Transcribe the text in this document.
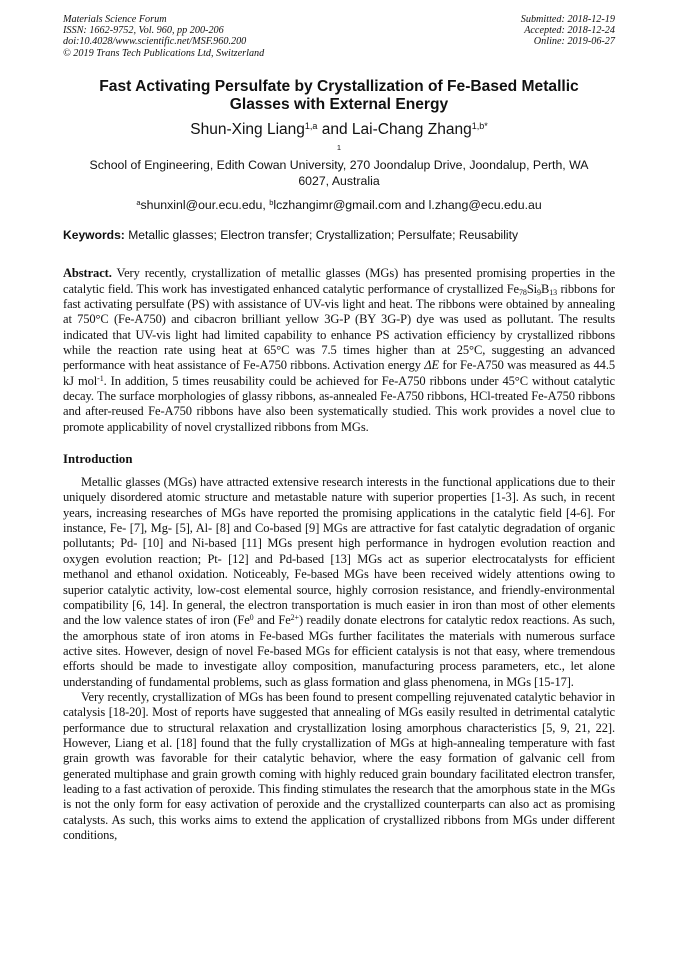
Materials Science Forum
ISSN: 1662-9752, Vol. 960, pp 200-206
doi:10.4028/www.scientific.net/MSF.960.200
© 2019 Trans Tech Publications Ltd, Switzerland
Submitted: 2018-12-19
Accepted: 2018-12-24
Online: 2019-06-27
Fast Activating Persulfate by Crystallization of Fe-Based Metallic
Glasses with External Energy
Shun-Xing Liang$^{1,a}$ and Lai-Chang Zhang$^{1,b*}$
$^1$
School of Engineering, Edith Cowan University, 270 Joondalup Drive, Joondalup, Perth, WA
6027, Australia
$^a$shunxinl@our.ecu.edu, $^b$lczhangimr@gmail.com and l.zhang@ecu.edu.au
Keywords: Metallic glasses; Electron transfer; Crystallization; Persulfate; Reusability

Abstract. Very recently, crystallization of metallic glasses (MGs) has presented promising properties in the catalytic field. This work has investigated enhanced catalytic performance of crystallized $Fe_{78}Si_9B_{13}$ ribbons for fast activating persulfate (PS) with assistance of UV-vis light and heat. The ribbons were obtained by annealing at 750°C (Fe-A750) and cibacron brilliant yellow 3G-P (BY 3G-P) dye was used as pollutant. The results indicated that UV-vis light had limited capability to enhance PS activation efficiency by crystallized ribbons while the reaction rate using heat at 65°C was 7.5 times higher than at 25°C, suggesting an advanced performance with heat assistance of Fe-A750 ribbons. Activation energy ΔE for Fe-A750 was measured as 44.5 kJ mol$^{-1}$. In addition, 5 times reusability could be achieved for Fe-A750 ribbons under 45°C without catalytic decay. The surface morphologies of glassy ribbons, as-annealed Fe-A750 ribbons, HCl-treated Fe-A750 ribbons and after-reused Fe-A750 ribbons have also been systematically studied. This work provides a novel clue to promote applicability of novel crystallized ribbons from MGs.

Introduction

Metallic glasses (MGs) have attracted extensive research interests in the functional applications due to their uniquely disordered atomic structure and metastable nature with superior properties [1-3]. As such, in recent years, increasing researches of MGs have reported the promising applications in the catalytic field [4-6]. For instance, Fe- [7], Mg- [5], Al- [8] and Co-based [9] MGs are attractive for fast catalytic degradation of organic pollutants; Pd- [10] and Ni-based [11] MGs present high performance in hydrogen evolution reaction and oxygen evolution reaction; Pt- [12] and Pd-based [13] MGs act as superior electrocatalysts for efficient methanol and ethanol oxidation. Noticeably, Fe-based MGs have been received widely attentions owing to superior catalytic activity, low-cost elemental source, highly corrosion resistance, and friendly-environmental compatibility [6, 14]. In general, the electron transportation is much easier in iron than most of other elements and the low valence states of iron (Fe$^0$ and $Fe^{2+}$) readily donate electrons for catalytic redox reactions. As such, the amorphous state of iron atoms in Fe-based MGs further facilitates the materials with numerous surface active sites. However, design of novel Fe-based MGs for efficient catalysis is not that easy, where tremendous efforts should be made to investigate alloy composition, manufacturing process parameters, etc., let alone understanding of fundamental problems, such as glass formation and glass phenomena, in MGs [15-17].

Very recently, crystallization of MGs has been found to present compelling rejuvenated catalytic behavior in catalysis [18-20]. Most of reports have suggested that annealing of MGs easily resulted in detrimental catalytic performance due to structural relaxation and crystallization losing amorphous characteristics [5, 9, 21, 22]. However, Liang et al. [18] found that the fully crystallization of MGs at high-annealing temperature with fast grain growth was favorable for their catalytic behavior, where the easy formation of galvanic cell from generated multiphase and grain growth coming with highly reduced grain boundary facilitated electron transfer, leading to a fast activation of peroxide. This finding stimulates the research that the amorphous state in the MGs is not the only form for easy activation of peroxide and the crystallized counterparts can also act as promising catalysts. As such, this works aims to extend the application of crystallized ribbons from MGs under different conditions,
